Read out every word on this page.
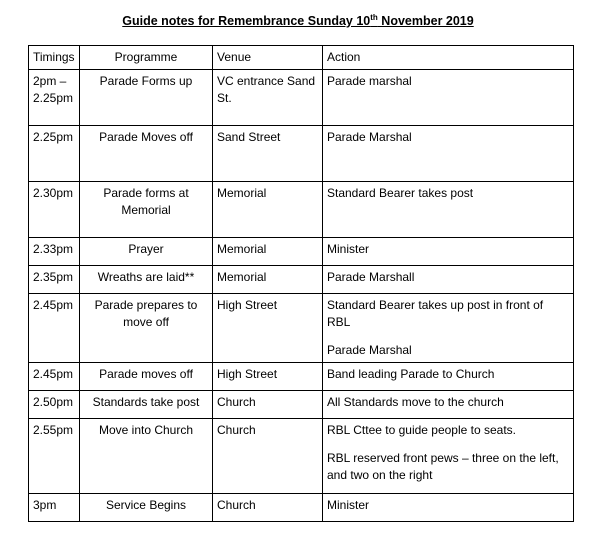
Guide notes for Remembrance Sunday 10th November 2019
Timings	Programme	Venue	Action
2pm – 2.25pm	Parade Forms up	VC entrance Sand St.	Parade marshal

2.25pm	Parade Moves off	Sand Street	Parade Marshal

2.30pm	Parade forms at Memorial	Memorial	Standard Bearer takes post

2.33pm	Prayer	Memorial	Minister

2.35pm	Wreaths are laid**	Memorial	Parade Marshall

2.45pm	Parade prepares to move off	High Street	Standard Bearer takes up post in front of RBL
Parade Marshal

2.45pm	Parade moves off	High Street	Band leading Parade to Church

2.50pm	Standards take post	Church	All Standards move to the church

2.55pm	Move into Church	Church	RBL Cttee to guide people to seats.
RBL reserved front pews – three on the left, and two on the right

3pm	Service Begins	Church	Minister
